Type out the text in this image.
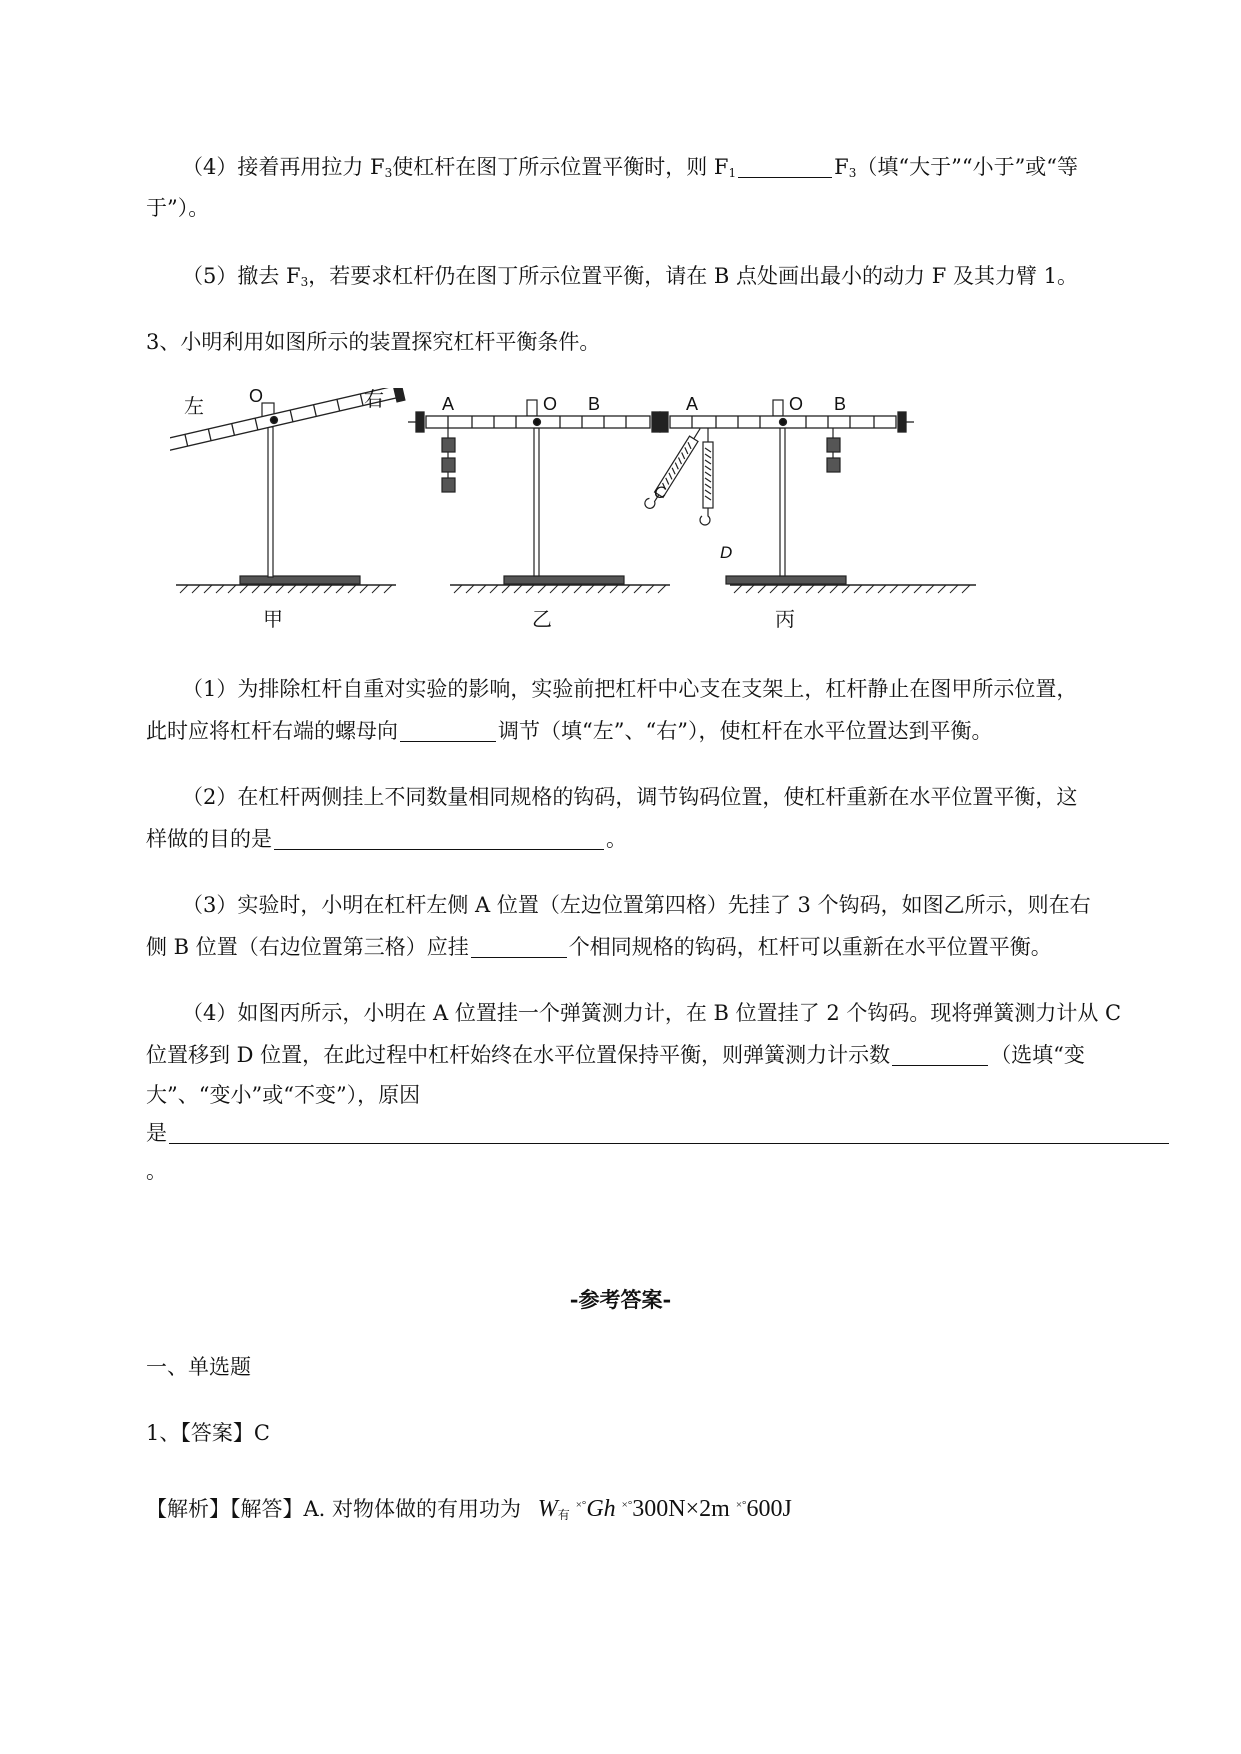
（4）接着再用拉力 $F_3$使杠杆在图丁所示位置平衡时，则 $F_1$	$F_3$（填“大于”“小于”或“等
于”）。
（5）撤去 $F_3$，若要求杠杆仍在图丁所示位置平衡，请在 B 点处画出最小的动力 F 及其力臂 1。
3、小明利用如图所示的装置探究杠杆平衡条件。
左	右
O
甲
A	O B
乙
A	O B
C
D
丙
（1）为排除杠杆自重对实验的影响，实验前把杠杆中心支在支架上，杠杆静止在图甲所示位置，
此时应将杠杆右端的螺母向	调节（填“左”、“右”），使杠杆在水平位置达到平衡。
（2）在杠杆两侧挂上不同数量相同规格的钩码，调节钩码位置，使杠杆重新在水平位置平衡，这
样做的目的是	。
（3）实验时，小明在杠杆左侧 A 位置（左边位置第四格）先挂了 3 个钩码，如图乙所示，则在右
侧 B 位置（右边位置第三格）应挂	个相同规格的钩码，杠杆可以重新在水平位置平衡。
（4）如图丙所示，小明在 A 位置挂一个弹簧测力计，在 B 位置挂了 2 个钩码。现将弹簧测力计从 C
位置移到 D 位置，在此过程中杠杆始终在水平位置保持平衡，则弹簧测力计示数	（选填“变
大”、“变小”或“不变”），原因
是
。
-参考答案-
一、单选题
1、【答案】C
【解析】【解答】A. 对物体做的有用功为 $W_有$ ×°Gh ×°300N×2m ×°600J
